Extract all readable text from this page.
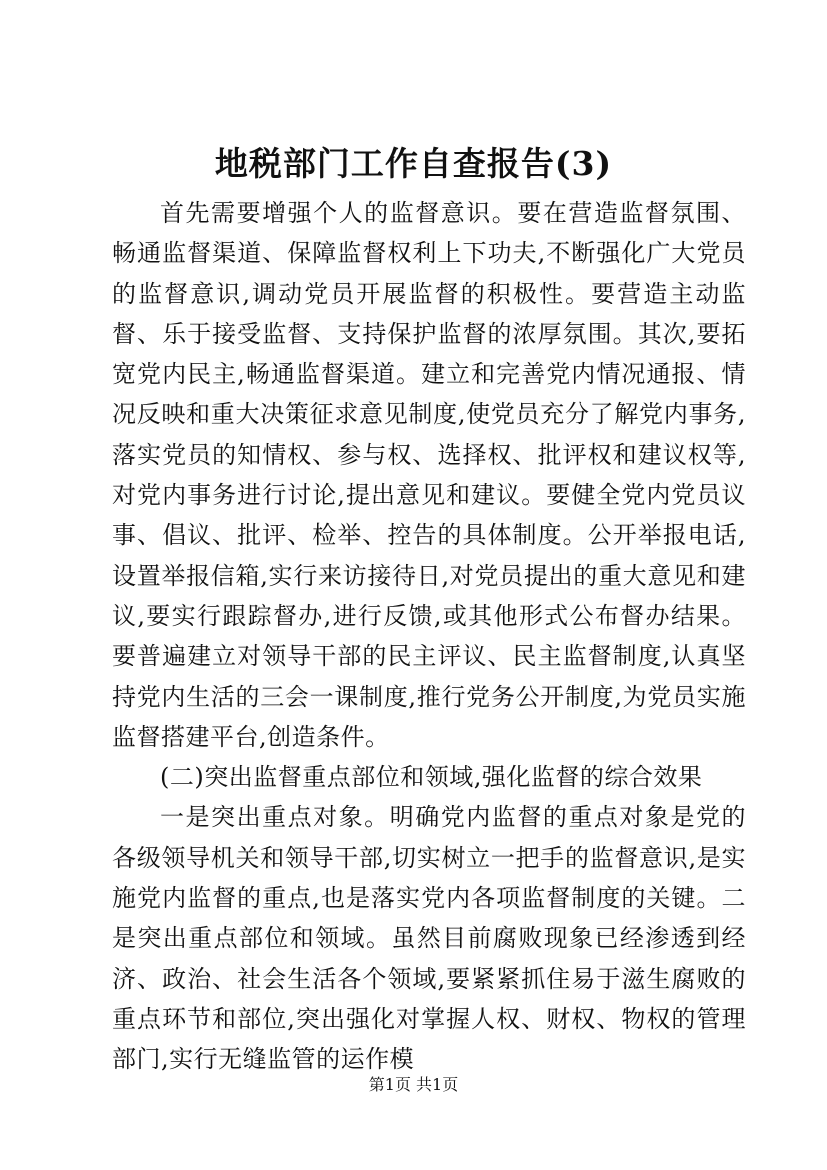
地税部门工作自查报告(3)

首先需要增强个人的监督意识。要在营造监督氛围、畅通监督渠道、保障监督权利上下功夫,不断强化广大党员的监督意识,调动党员开展监督的积极性。要营造主动监督、乐于接受监督、支持保护监督的浓厚氛围。其次,要拓宽党内民主,畅通监督渠道。建立和完善党内情况通报、情况反映和重大决策征求意见制度,使党员充分了解党内事务,落实党员的知情权、参与权、选择权、批评权和建议权等,对党内事务进行讨论,提出意见和建议。要健全党内党员议事、倡议、批评、检举、控告的具体制度。公开举报电话,设置举报信箱,实行来访接待日,对党员提出的重大意见和建议,要实行跟踪督办,进行反馈,或其他形式公布督办结果。要普遍建立对领导干部的民主评议、民主监督制度,认真坚持党内生活的三会一课制度,推行党务公开制度,为党员实施监督搭建平台,创造条件。

(二)突出监督重点部位和领域,强化监督的综合效果

一是突出重点对象。明确党内监督的重点对象是党的各级领导机关和领导干部,切实树立一把手的监督意识,是实施党内监督的重点,也是落实党内各项监督制度的关键。二是突出重点部位和领域。虽然目前腐败现象已经渗透到经济、政治、社会生活各个领域,要紧紧抓住易于滋生腐败的重点环节和部位,突出强化对掌握人权、财权、物权的管理部门,实行无缝监管的运作模

第1页 共1页
